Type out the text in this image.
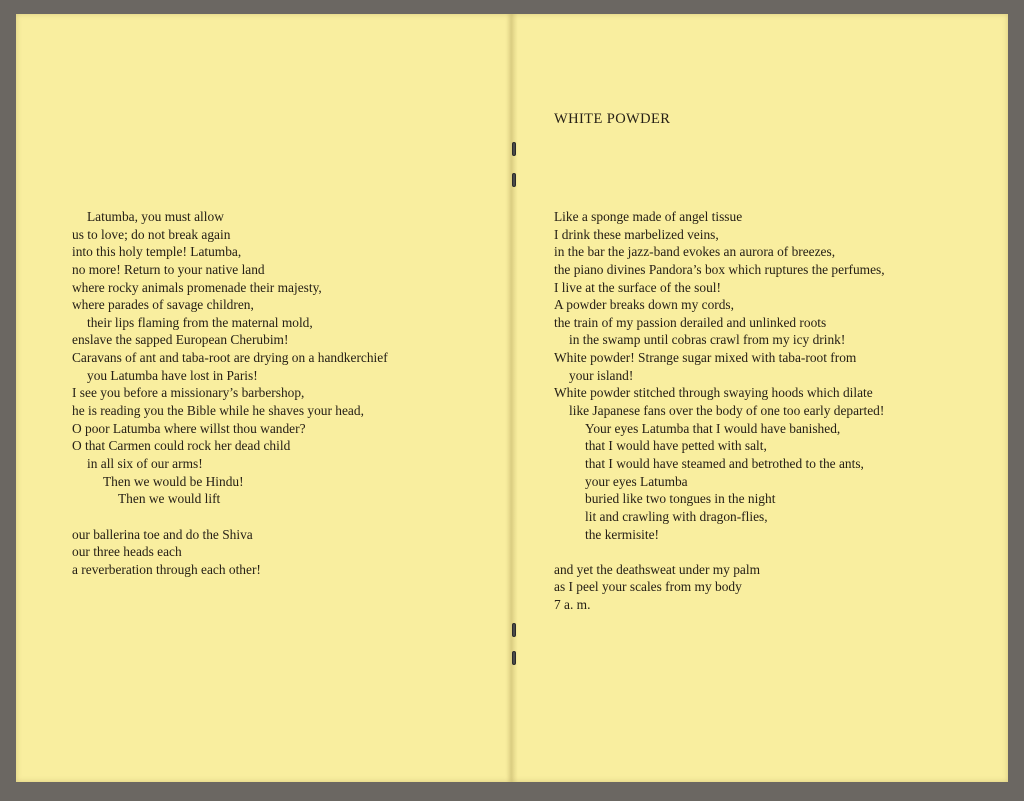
WHITE POWDER
Latumba, you must allow
us to love; do not break again
into this holy temple! Latumba,
no more! Return to your native land
where rocky animals promenade their majesty,
where parades of savage children,
their lips flaming from the maternal mold,
enslave the sapped European Cherubim!
Caravans of ant and taba-root are drying on a handkerchief
you Latumba have lost in Paris!
I see you before a missionary’s barbershop,
he is reading you the Bible while he shaves your head,
O poor Latumba where willst thou wander?
O that Carmen could rock her dead child
in all six of our arms!
Then we would be Hindu!
Then we would lift
our ballerina toe and do the Shiva
our three heads each
a reverberation through each other!
Like a sponge made of angel tissue
I drink these marbelized veins,
in the bar the jazz-band evokes an aurora of breezes,
the piano divines Pandora’s box which ruptures the perfumes,
I live at the surface of the soul!
A powder breaks down my cords,
the train of my passion derailed and unlinked roots
in the swamp until cobras crawl from my icy drink!
White powder! Strange sugar mixed with taba-root from
your island!
White powder stitched through swaying hoods which dilate
like Japanese fans over the body of one too early departed!
Your eyes Latumba that I would have banished,
that I would have petted with salt,
that I would have steamed and betrothed to the ants,
your eyes Latumba
buried like two tongues in the night
lit and crawling with dragon-flies,
the kermisite!
and yet the deathsweat under my palm
as I peel your scales from my body
7 a. m.
